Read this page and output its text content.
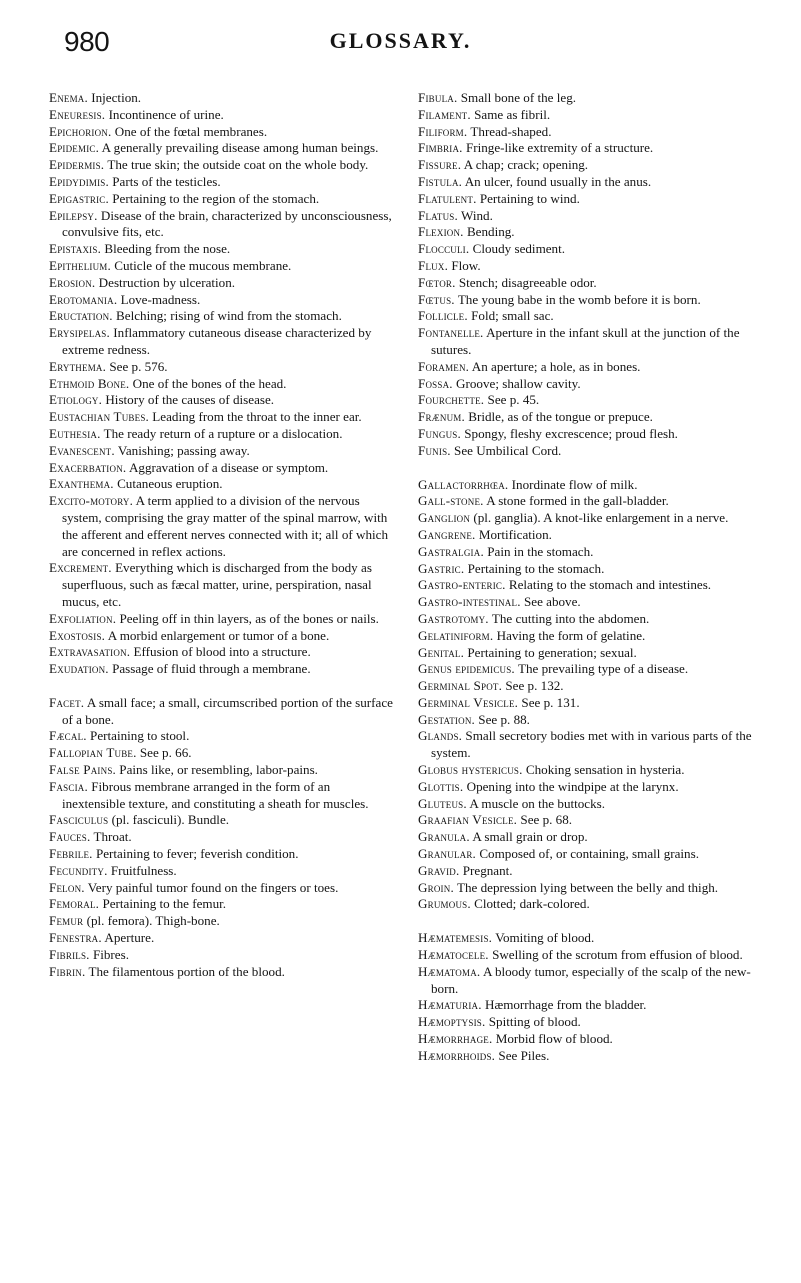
980	GLOSSARY.

Enema. Injection.

Eneuresis. Incontinence of urine.

Epichorion. One of the fœtal membranes.

Epidemic. A generally prevailing disease among human beings.

Epidermis. The true skin; the outside coat on the whole body.

Epidydimis. Parts of the testicles.

Epigastric. Pertaining to the region of the stomach.

Epilepsy. Disease of the brain, characterized by unconsciousness, convulsive fits, etc.

Epistaxis. Bleeding from the nose.

Epithelium. Cuticle of the mucous membrane.

Erosion. Destruction by ulceration.

Erotomania. Love-madness.

Eructation. Belching; rising of wind from the stomach.

Erysipelas. Inflammatory cutaneous disease characterized by extreme redness.

Erythema. See p. 576.

Ethmoid Bone. One of the bones of the head.

Etiology. History of the causes of disease.

Eustachian Tubes. Leading from the throat to the inner ear.

Euthesia. The ready return of a rupture or a dislocation.

Evanescent. Vanishing; passing away.

Exacerbation. Aggravation of a disease or symptom.

Exanthema. Cutaneous eruption.

Excito-motory. A term applied to a division of the nervous system, comprising the gray matter of the spinal marrow, with the afferent and efferent nerves connected with it; all of which are concerned in reflex actions.

Excrement. Everything which is discharged from the body as superfluous, such as fæcal matter, urine, perspiration, nasal mucus, etc.

Exfoliation. Peeling off in thin layers, as of the bones or nails.

Exostosis. A morbid enlargement or tumor of a bone.

Extravasation. Effusion of blood into a structure.

Exudation. Passage of fluid through a membrane.

Facet. A small face; a small, circumscribed portion of the surface of a bone.

Fæcal. Pertaining to stool.

Fallopian Tube. See p. 66.

False Pains. Pains like, or resembling, labor-pains.

Fascia. Fibrous membrane arranged in the form of an inextensible texture, and constituting a sheath for muscles.

Fasciculus (pl. fasciculi). Bundle.

Fauces. Throat.

Febrile. Pertaining to fever; feverish condition.

Fecundity. Fruitfulness.

Felon. Very painful tumor found on the fingers or toes.

Femoral. Pertaining to the femur.

Femur (pl. femora). Thigh-bone.

Fenestra. Aperture.

Fibrils. Fibres.

Fibrin. The filamentous portion of the blood.

Fibula. Small bone of the leg.

Filament. Same as fibril.

Filiform. Thread-shaped.

Fimbria. Fringe-like extremity of a structure.

Fissure. A chap; crack; opening.

Fistula. An ulcer, found usually in the anus.

Flatulent. Pertaining to wind.

Flatus. Wind.

Flexion. Bending.

Flocculi. Cloudy sediment.

Flux. Flow.

Fœtor. Stench; disagreeable odor.

Fœtus. The young babe in the womb before it is born.

Follicle. Fold; small sac.

Fontanelle. Aperture in the infant skull at the junction of the sutures.

Foramen. An aperture; a hole, as in bones.

Fossa. Groove; shallow cavity.

Fourchette. See p. 45.

Frænum. Bridle, as of the tongue or prepuce.

Fungus. Spongy, fleshy excrescence; proud flesh.

Funis. See Umbilical Cord.

Gallactorrhœa. Inordinate flow of milk.

Gall-stone. A stone formed in the gall-bladder.

Ganglion (pl. ganglia). A knot-like enlargement in a nerve.

Gangrene. Mortification.

Gastralgia. Pain in the stomach.

Gastric. Pertaining to the stomach.

Gastro-enteric. Relating to the stomach and intestines.

Gastro-intestinal. See above.

Gastrotomy. The cutting into the abdomen.

Gelatiniform. Having the form of gelatine.

Genital. Pertaining to generation; sexual.

Genus epidemicus. The prevailing type of a disease.

Germinal Spot. See p. 132.

Germinal Vesicle. See p. 131.

Gestation. See p. 88.

Glands. Small secretory bodies met with in various parts of the system.

Globus hystericus. Choking sensation in hysteria.

Glottis. Opening into the windpipe at the larynx.

Gluteus. A muscle on the buttocks.

Graafian Vesicle. See p. 68.

Granula. A small grain or drop.

Granular. Composed of, or containing, small grains.

Gravid. Pregnant.

Groin. The depression lying between the belly and thigh.

Grumous. Clotted; dark-colored.

Hæmatemesis. Vomiting of blood.

Hæmatocele. Swelling of the scrotum from effusion of blood.

Hæmatoma. A bloody tumor, especially of the scalp of the new-born.

Hæmaturia. Hæmorrhage from the bladder.

Hæmoptysis. Spitting of blood.

Hæmorrhage. Morbid flow of blood.

Hæmorrhoids. See Piles.
